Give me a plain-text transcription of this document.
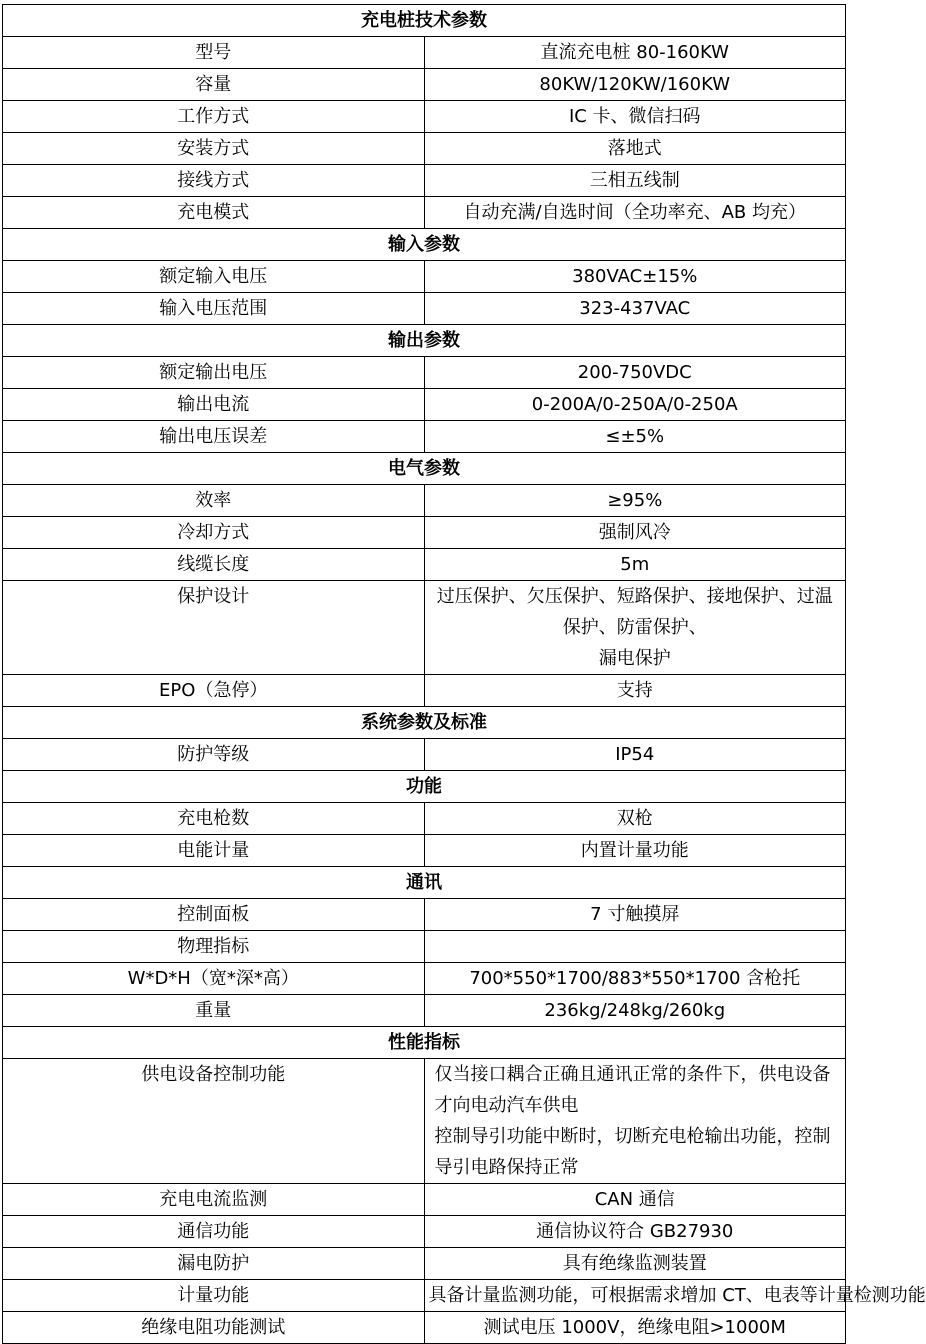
充电桩技术参数	
型号	直流充电桩 80-160KW
容量	80KW/120KW/160KW
工作方式	IC 卡、微信扫码
安装方式	落地式
接线方式	三相五线制
充电模式	自动充满/自选时间（全功率充、AB 均充）
输入参数	
额定输入电压	380VAC±15%
输入电压范围	323-437VAC
输出参数	
额定输出电压	200-750VDC
输出电流	0-200A/0-250A/0-250A
输出电压误差	≤±5%
电气参数	
效率	≥95%
冷却方式	强制风冷
线缆长度	5m
保护设计	过压保护、欠压保护、短路保护、接地保护、过温保护、防雷保护、
漏电保护

EPO（急停）	支持
系统参数及标准	
防护等级	IP54
功能	
充电枪数	双枪
电能计量	内置计量功能
通讯	
控制面板	7 寸触摸屏
物理指标	
W*D*H（宽*深*高）	700*550*1700/883*550*1700 含枪托
重量	236kg/248kg/260kg
性能指标	
供电设备控制功能	仅当接口耦合正确且通讯正常的条件下，供电设备才向电动汽车供电
控制导引功能中断时，切断充电枪输出功能，控制导引电路保持正常

充电电流监测	CAN 通信
通信功能	通信协议符合 GB27930
漏电防护	具有绝缘监测装置
计量功能	具备计量监测功能，可根据需求增加 CT、电表等计量检测功能
绝缘电阻功能测试	测试电压 1000V，绝缘电阻>1000M
